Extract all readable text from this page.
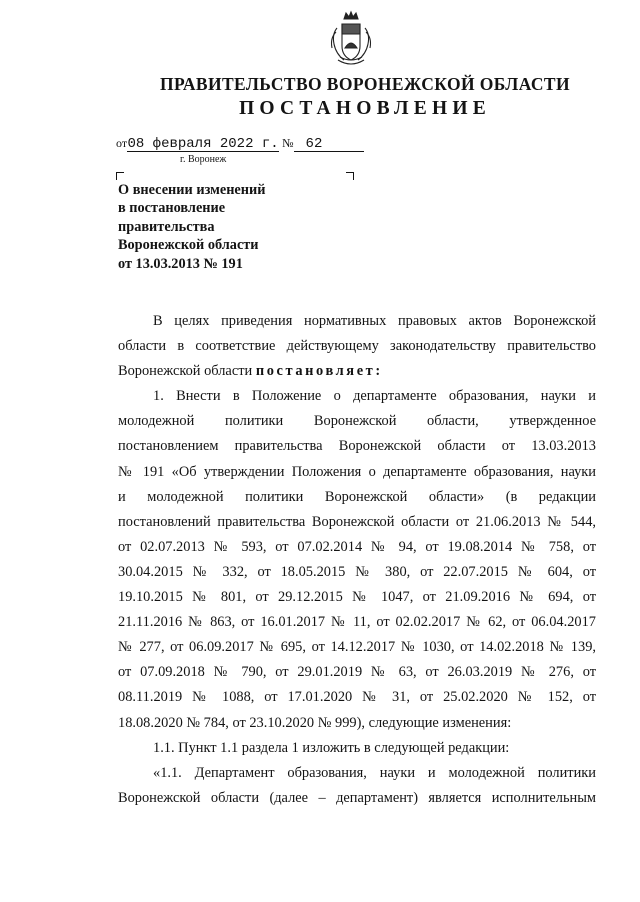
ПРАВИТЕЛЬСТВО ВОРОНЕЖСКОЙ ОБЛАСТИ
ПОСТАНОВЛЕНИЕ
от08 февраля 2022 г. № 62
г. Воронеж
О внесении изменений
в постановление
правительства
Воронежской области
от 13.03.2013 № 191

В целях приведения нормативных правовых актов Воронежской

области в соответствие действующему законодательству правительство

Воронежской области постановляет:

1. Внести в Положение о департаменте образования, науки и

молодежной политики Воронежской области, утвержденное

постановлением правительства Воронежской области от 13.03.2013

№ 191 «Об утверждении Положения о департаменте образования, науки

и молодежной политики Воронежской области» (в редакции

постановлений правительства Воронежской области от 21.06.2013 № 544,

от 02.07.2013 № 593, от 07.02.2014 № 94, от 19.08.2014 № 758, от

30.04.2015 № 332, от 18.05.2015 № 380, от 22.07.2015 № 604, от

19.10.2015 № 801, от 29.12.2015 № 1047, от 21.09.2016 № 694, от

21.11.2016 № 863, от 16.01.2017 № 11, от 02.02.2017 № 62, от 06.04.2017

№ 277, от 06.09.2017 № 695, от 14.12.2017 № 1030, от 14.02.2018 № 139,

от 07.09.2018 № 790, от 29.01.2019 № 63, от 26.03.2019 № 276, от

08.11.2019 № 1088, от 17.01.2020 № 31, от 25.02.2020 № 152, от

18.08.2020 № 784, от 23.10.2020 № 999), следующие изменения:

1.1. Пункт 1.1 раздела 1 изложить в следующей редакции:

«1.1. Департамент образования, науки и молодежной политики

Воронежской области (далее – департамент) является исполнительным
